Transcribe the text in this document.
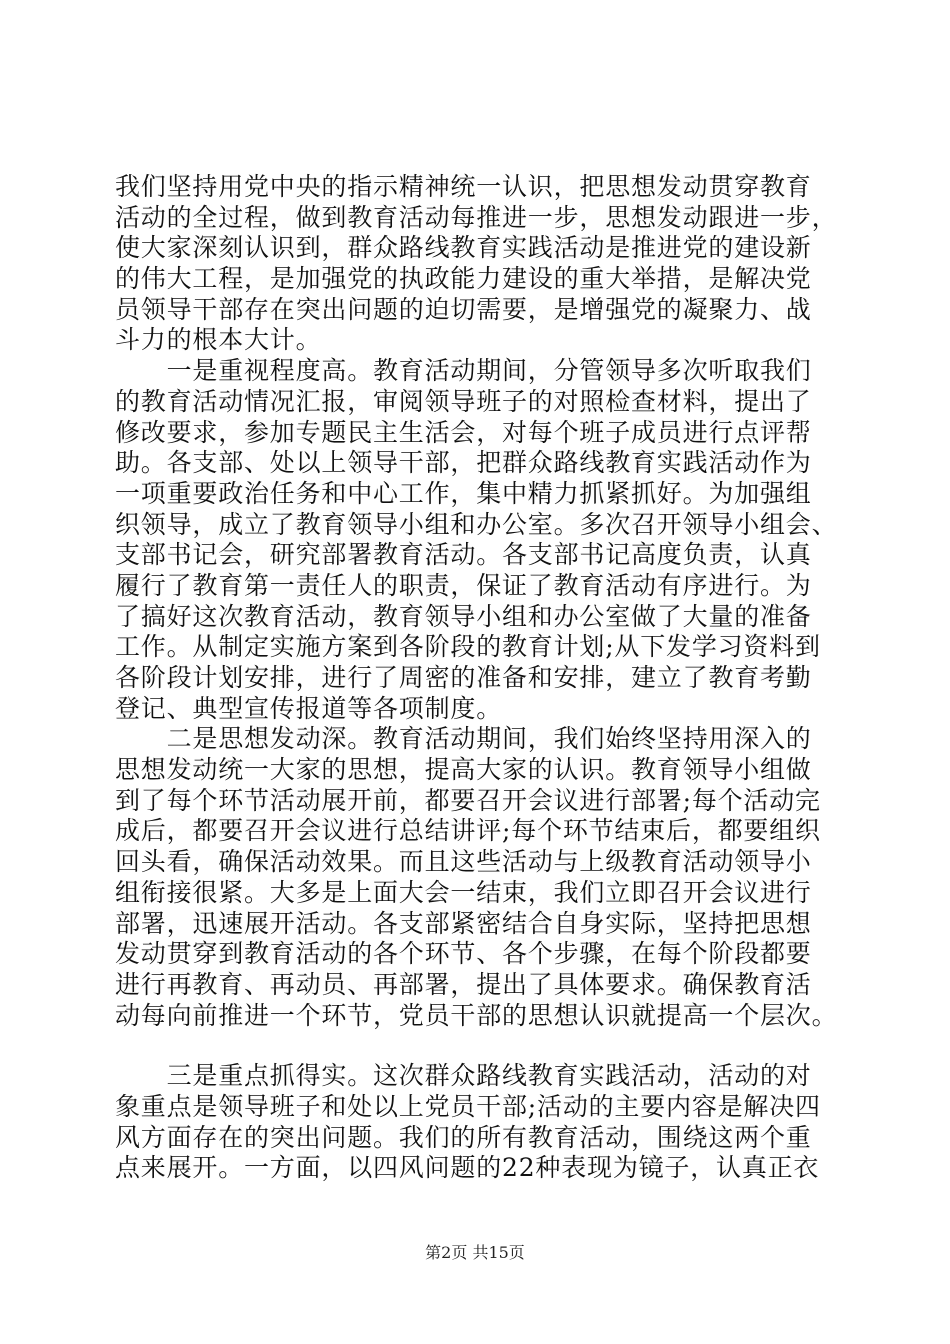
我们坚持用党中央的指示精神统一认识，把思想发动贯穿教育
活动的全过程，做到教育活动每推进一步，思想发动跟进一步，
使大家深刻认识到，群众路线教育实践活动是推进党的建设新
的伟大工程，是加强党的执政能力建设的重大举措，是解决党
员领导干部存在突出问题的迫切需要，是增强党的凝聚力、战
斗力的根本大计。
　　一是重视程度高。教育活动期间，分管领导多次听取我们
的教育活动情况汇报，审阅领导班子的对照检查材料，提出了
修改要求，参加专题民主生活会，对每个班子成员进行点评帮
助。各支部、处以上领导干部，把群众路线教育实践活动作为
一项重要政治任务和中心工作，集中精力抓紧抓好。为加强组
织领导，成立了教育领导小组和办公室。多次召开领导小组会、
支部书记会，研究部署教育活动。各支部书记高度负责，认真
履行了教育第一责任人的职责，保证了教育活动有序进行。为
了搞好这次教育活动，教育领导小组和办公室做了大量的准备
工作。从制定实施方案到各阶段的教育计划;从下发学习资料到
各阶段计划安排，进行了周密的准备和安排，建立了教育考勤
登记、典型宣传报道等各项制度。
　　二是思想发动深。教育活动期间，我们始终坚持用深入的
思想发动统一大家的思想，提高大家的认识。教育领导小组做
到了每个环节活动展开前，都要召开会议进行部署;每个活动完
成后，都要召开会议进行总结讲评;每个环节结束后，都要组织
回头看，确保活动效果。而且这些活动与上级教育活动领导小
组衔接很紧。大多是上面大会一结束，我们立即召开会议进行
部署，迅速展开活动。各支部紧密结合自身实际，坚持把思想
发动贯穿到教育活动的各个环节、各个步骤，在每个阶段都要
进行再教育、再动员、再部署，提出了具体要求。确保教育活
动每向前推进一个环节，党员干部的思想认识就提高一个层次。
　　三是重点抓得实。这次群众路线教育实践活动，活动的对
象重点是领导班子和处以上党员干部;活动的主要内容是解决四
风方面存在的突出问题。我们的所有教育活动，围绕这两个重
点来展开。一方面，以四风问题的22种表现为镜子，认真正衣
第2页 共15页
